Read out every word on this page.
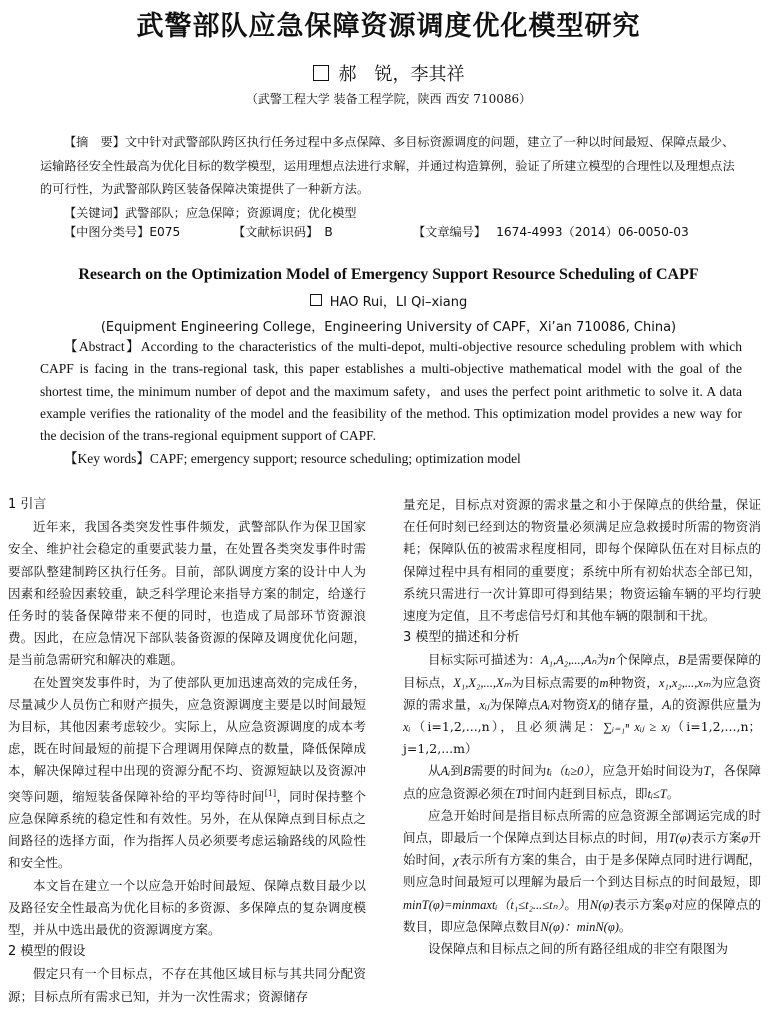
武警部队应急保障资源调度优化模型研究
郝　锐，李其祥
（武警工程大学 装备工程学院，陕西 西安 710086）

【摘　要】文中针对武警部队跨区执行任务过程中多点保障、多目标资源调度的问题，建立了一种以时间最短、保障点最少、运输路径安全性最高为优化目标的数学模型，运用理想点法进行求解，并通过构造算例，验证了所建立模型的合理性以及理想点法的可行性，为武警部队跨区装备保障决策提供了一种新方法。

【关键词】武警部队；应急保障；资源调度；优化模型

【中图分类号】E075	【文献标识码】 B	【文章编号】 1674-4993（2014）06-0050-03
Research on the Optimization Model of Emergency Support Resource Scheduling of CAPF
HAO Rui，LI Qi–xiang
(Equipment Engineering College，Engineering University of CAPF，Xi’an 710086, China)

【Abstract】According to the characteristics of the multi-depot, multi-objective resource scheduling problem with which CAPF is facing in the trans-regional task, this paper establishes a multi-objective mathematical model with the goal of the shortest time, the minimum number of depot and the maximum safety，and uses the perfect point arithmetic to solve it. A data example verifies the rationality of the model and the feasibility of the method. This optimization model provides a new way for the decision of the trans-regional equipment support of CAPF.

【Key words】CAPF; emergency support; resource scheduling; optimization model

1 引言

近年来，我国各类突发性事件频发，武警部队作为保卫国家安全、维护社会稳定的重要武装力量，在处置各类突发事件时需要部队整建制跨区执行任务。目前，部队调度方案的设计中人为因素和经验因素较重，缺乏科学理论来指导方案的制定，给遂行任务时的装备保障带来不便的同时，也造成了局部环节资源浪费。因此，在应急情况下部队装备资源的保障及调度优化问题，是当前急需研究和解决的难题。

在处置突发事件时，为了使部队更加迅速高效的完成任务，尽量减少人员伤亡和财产损失，应急资源调度主要是以时间最短为目标，其他因素考虑较少。实际上，从应急资源调度的成本考虑，既在时间最短的前提下合理调用保障点的数量，降低保障成本，解决保障过程中出现的资源分配不均、资源短缺以及资源冲突等问题，缩短装备保障补给的平均等待时间[1]，同时保持整个应急保障系统的稳定性和有效性。另外，在从保障点到目标点之间路径的选择方面，作为指挥人员必须要考虑运输路线的风险性和安全性。

本文旨在建立一个以应急开始时间最短、保障点数目最少以及路径安全性最高为优化目标的多资源、多保障点的复杂调度模型，并从中选出最优的资源调度方案。

2 模型的假设

假定只有一个目标点，不存在其他区域目标与其共同分配资源；目标点所有需求已知，并为一次性需求；资源储存

量充足，目标点对资源的需求量之和小于保障点的供给量，保证在任何时刻已经到达的物资量必须满足应急救援时所需的物资消耗；保障队伍的被需求程度相同，即每个保障队伍在对目标点的保障过程中具有相同的重要度；系统中所有初始状态全部已知，系统只需进行一次计算即可得到结果；物资运输车辆的平均行驶速度为定值，且不考虑信号灯和其他车辆的限制和干扰。

3 模型的描述和分析

目标实际可描述为：A₁,A₂,...,Aₙ为n个保障点，B是需要保障的目标点，X₁,X₂,...,Xₘ为目标点需要的m种物资，x₁,x₂,...,xₘ为应急资源的需求量，xᵢⱼ为保障点Aᵢ对物资Xⱼ的储存量，Aᵢ的资源供应量为xᵢ（i=1,2,...,n），且必须满足：∑ᵢ₌₁ⁿ xᵢⱼ ≥ xⱼ（i=1,2,...,n；j=1,2,...m）

从Aᵢ到B需要的时间为tᵢ（tᵢ≥0），应急开始时间设为T，各保障点的应急资源必须在T时间内赶到目标点，即tᵢ≤T。

应急开始时间是指目标点所需的应急资源全部调运完成的时间点，即最后一个保障点到达目标点的时间，用T(φ)表示方案φ开始时间，χ表示所有方案的集合，由于是多保障点同时进行调配，则应急时间最短可以理解为最后一个到达目标点的时间最短，即minT(φ)=minmaxtᵢ（t₁≤t₂...≤tₙ）。用N(φ)表示方案φ对应的保障点的数目，即应急保障点数目N(φ)：minN(φ)。

设保障点和目标点之间的所有路径组成的非空有限图为
